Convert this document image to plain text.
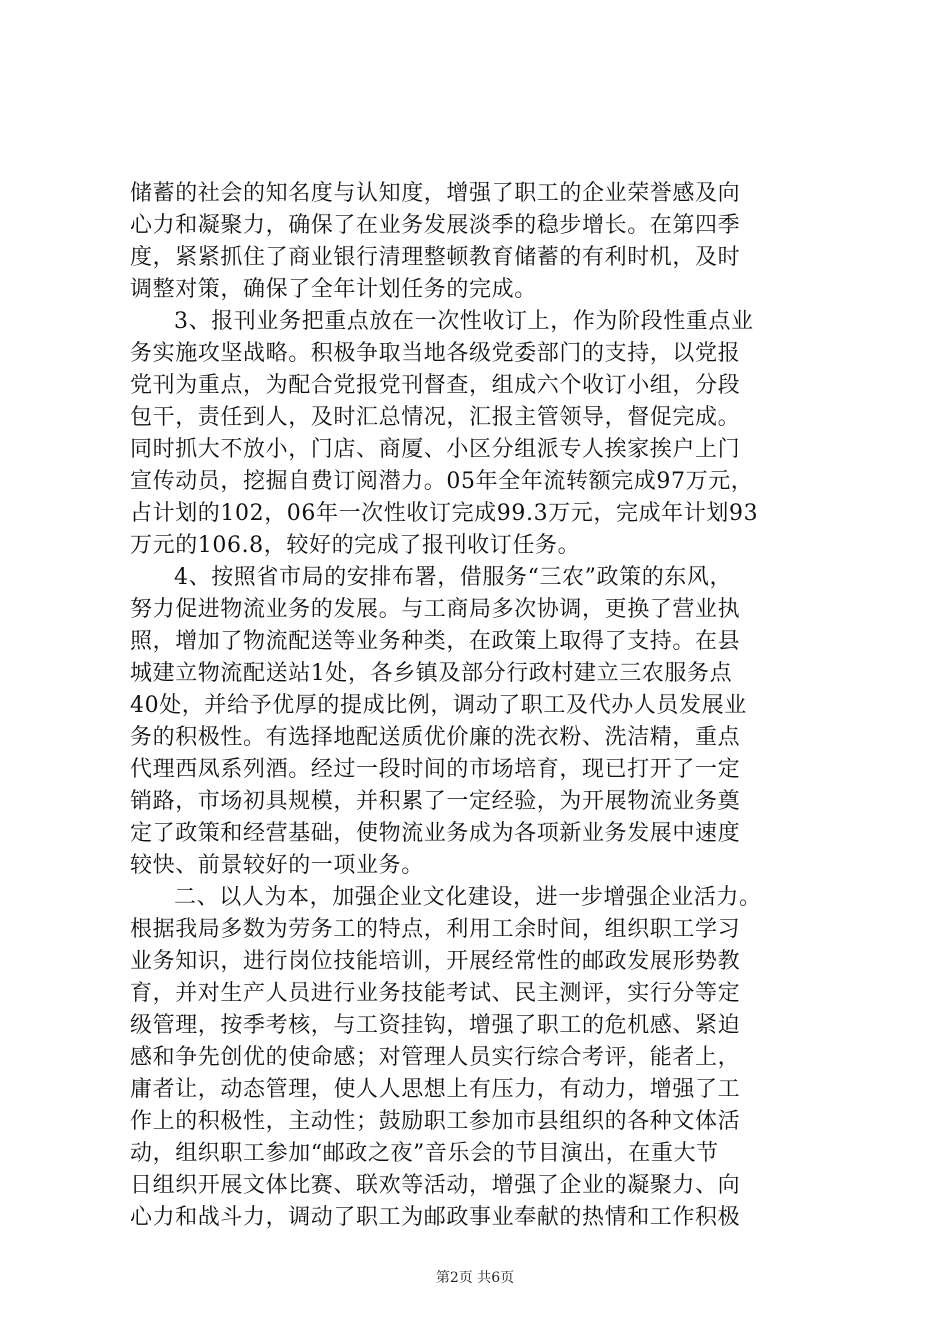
储蓄的社会的知名度与认知度，增强了职工的企业荣誉感及向
心力和凝聚力，确保了在业务发展淡季的稳步增长。在第四季
度，紧紧抓住了商业银行清理整顿教育储蓄的有利时机，及时
调整对策，确保了全年计划任务的完成。
3、报刊业务把重点放在一次性收订上，作为阶段性重点业
务实施攻坚战略。积极争取当地各级党委部门的支持，以党报
党刊为重点，为配合党报党刊督查，组成六个收订小组，分段
包干，责任到人，及时汇总情况，汇报主管领导，督促完成。
同时抓大不放小，门店、商厦、小区分组派专人挨家挨户上门
宣传动员，挖掘自费订阅潜力。05年全年流转额完成97万元，
占计划的102，06年一次性收订完成99.3万元，完成年计划93
万元的106.8，较好的完成了报刊收订任务。
4、按照省市局的安排布署，借服务“三农”政策的东风，
努力促进物流业务的发展。与工商局多次协调，更换了营业执
照，增加了物流配送等业务种类，在政策上取得了支持。在县
城建立物流配送站1处，各乡镇及部分行政村建立三农服务点
40处，并给予优厚的提成比例，调动了职工及代办人员发展业
务的积极性。有选择地配送质优价廉的洗衣粉、洗洁精，重点
代理西凤系列酒。经过一段时间的市场培育，现已打开了一定
销路，市场初具规模，并积累了一定经验，为开展物流业务奠
定了政策和经营基础，使物流业务成为各项新业务发展中速度
较快、前景较好的一项业务。
二、以人为本，加强企业文化建设，进一步增强企业活力。
根据我局多数为劳务工的特点，利用工余时间，组织职工学习
业务知识，进行岗位技能培训，开展经常性的邮政发展形势教
育，并对生产人员进行业务技能考试、民主测评，实行分等定
级管理，按季考核，与工资挂钩，增强了职工的危机感、紧迫
感和争先创优的使命感；对管理人员实行综合考评，能者上，
庸者让，动态管理，使人人思想上有压力，有动力，增强了工
作上的积极性，主动性；鼓励职工参加市县组织的各种文体活
动，组织职工参加“邮政之夜”音乐会的节目演出，在重大节
日组织开展文体比赛、联欢等活动，增强了企业的凝聚力、向
心力和战斗力，调动了职工为邮政事业奉献的热情和工作积极
第2页 共6页
